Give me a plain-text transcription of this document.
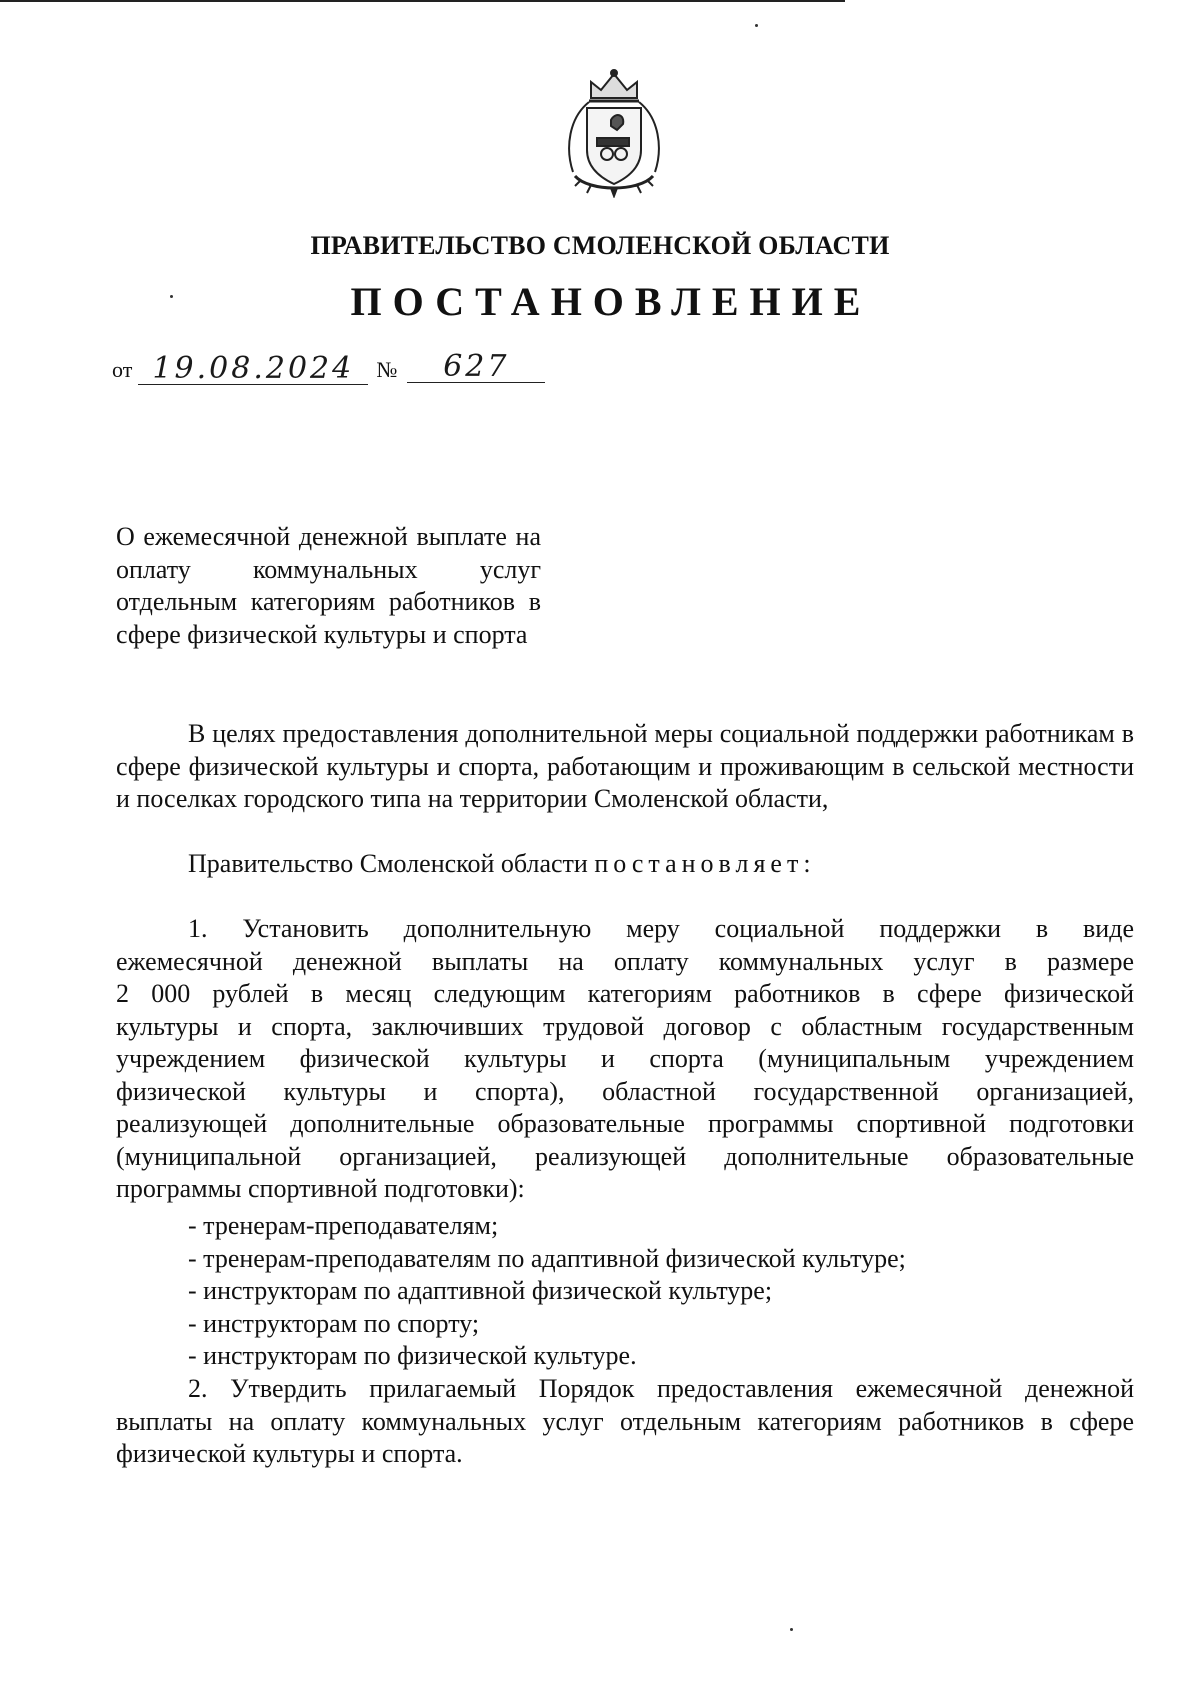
ПРАВИТЕЛЬСТВО СМОЛЕНСКОЙ ОБЛАСТИ
ПОСТАНОВЛЕНИЕ
от 19.08.2024	№	627
О ежемесячной денежной выплате на оплату коммунальных услуг отдельным категориям работников в сфере физической культуры и спорта
В целях предоставления дополнительной меры социальной поддержки работникам в сфере физической культуры и спорта, работающим и проживающим в сельской местности и поселках городского типа на территории Смоленской области,
Правительство Смоленской области постановляет:
1. Установить дополнительную меру социальной поддержки в виде
ежемесячной денежной выплаты на оплату коммунальных услуг в размере
2 000 рублей в месяц следующим категориям работников в сфере физической
культуры и спорта, заключивших трудовой договор с областным государственным
учреждением физической культуры и спорта (муниципальным учреждением
физической культуры и спорта), областной государственной организацией,
реализующей дополнительные образовательные программы спортивной подготовки
(муниципальной организацией, реализующей дополнительные образовательные
программы спортивной подготовки):
- тренерам-преподавателям;
- тренерам-преподавателям по адаптивной физической культуре;
- инструкторам по адаптивной физической культуре;
- инструкторам по спорту;
- инструкторам по физической культуре.
2. Утвердить прилагаемый Порядок предоставления ежемесячной денежной выплаты на оплату коммунальных услуг отдельным категориям работников в сфере физической культуры и спорта.
